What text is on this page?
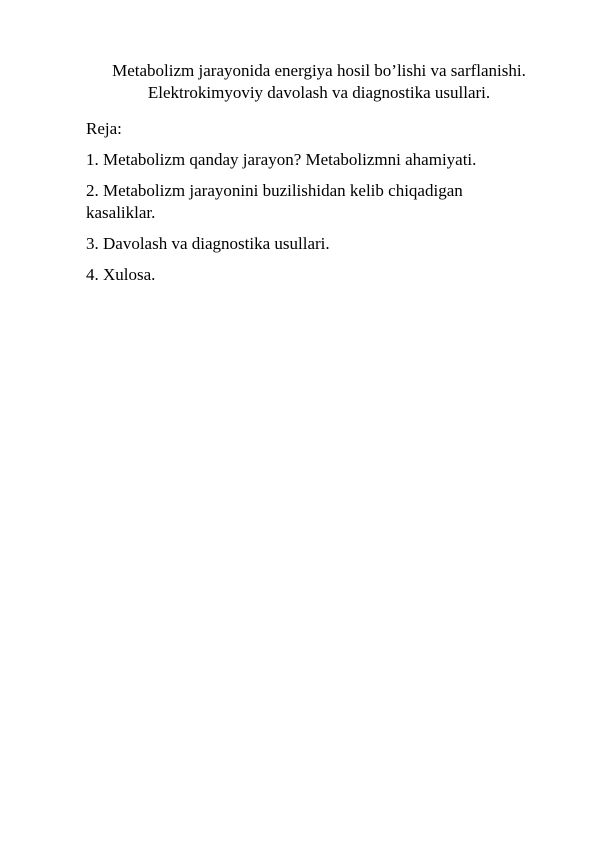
Metabolizm jarayonida energiya hosil bo’lishi va sarflanishi.
Elektrokimyoviy davolash va diagnostika usullari.

Reja:

1. Metabolizm qanday jarayon? Metabolizmni ahamiyati.

2. Metabolizm jarayonini buzilishidan kelib chiqadigan
kasaliklar.

3. Davolash va diagnostika usullari.

4. Xulosa.
